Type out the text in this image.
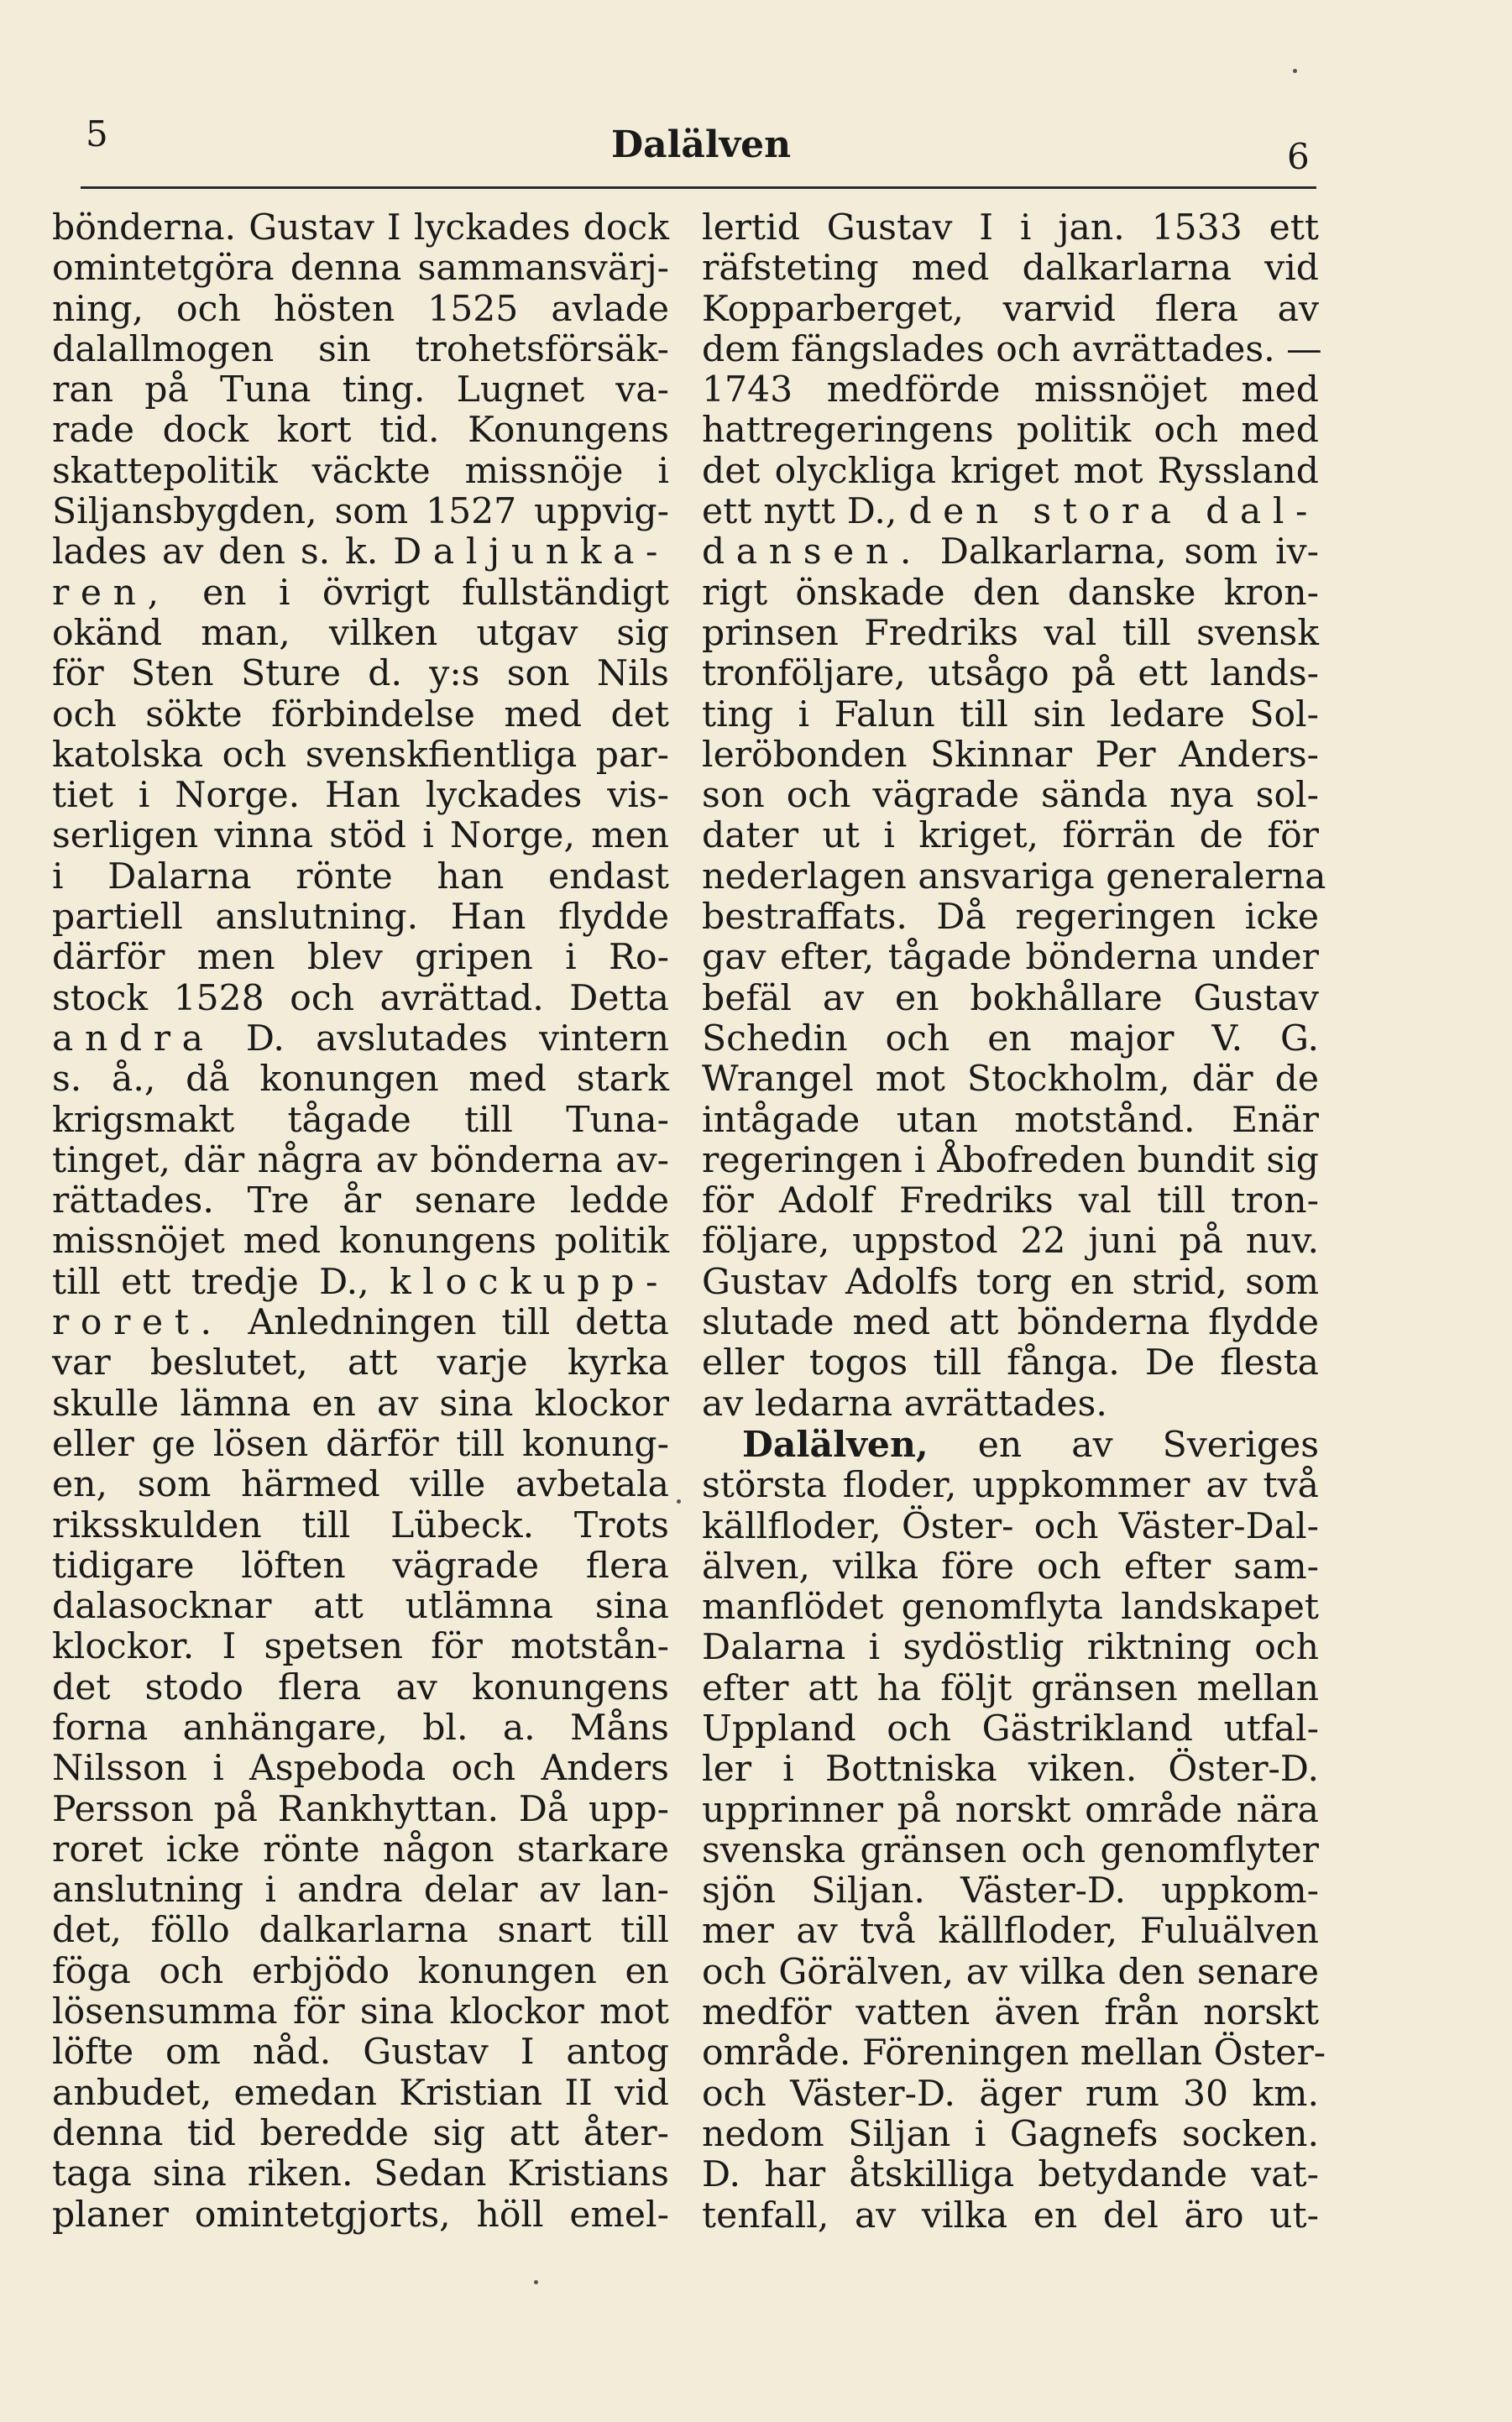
5	Dalälven	6

bönderna. Gustav I lyckades dock

omintetgöra denna sammansvärj-

ning, och hösten 1525 avlade

dalallmogen sin trohetsförsäk-

ran på Tuna ting. Lugnet va-

rade dock kort tid. Konungens

skattepolitik väckte missnöje i

Siljansbygden, som 1527 uppvig-

lades av den s. k. Daljunka-

ren, en i övrigt fullständigt

okänd man, vilken utgav sig

för Sten Sture d. y:s son Nils

och sökte förbindelse med det

katolska och svenskfientliga par-

tiet i Norge. Han lyckades vis-

serligen vinna stöd i Norge, men

i Dalarna rönte han endast

partiell anslutning. Han flydde

därför men blev gripen i Ro-

stock 1528 och avrättad. Detta

andra D. avslutades vintern

s. å., då konungen med stark

krigsmakt tågade till Tuna-

tinget, där några av bönderna av-

rättades. Tre år senare ledde

missnöjet med konungens politik

till ett tredje D., klockupp-

roret. Anledningen till detta

var beslutet, att varje kyrka

skulle lämna en av sina klockor

eller ge lösen därför till konung-

en, som härmed ville avbetala

riksskulden till Lübeck. Trots

tidigare löften vägrade flera

dalasocknar att utlämna sina

klockor. I spetsen för motstån-

det stodo flera av konungens

forna anhängare, bl. a. Måns

Nilsson i Aspeboda och Anders

Persson på Rankhyttan. Då upp-

roret icke rönte någon starkare

anslutning i andra delar av lan-

det, föllo dalkarlarna snart till

föga och erbjödo konungen en

lösensumma för sina klockor mot

löfte om nåd. Gustav I antog

anbudet, emedan Kristian II vid

denna tid beredde sig att åter-

taga sina riken. Sedan Kristians

planer omintetgjorts, höll emel-

lertid Gustav I i jan. 1533 ett

räfsteting med dalkarlarna vid

Kopparberget, varvid flera av

dem fängslades och avrättades. —

1743 medförde missnöjet med

hattregeringens politik och med

det olyckliga kriget mot Ryssland

ett nytt D., den stora dal-

dansen. Dalkarlarna, som iv-

rigt önskade den danske kron-

prinsen Fredriks val till svensk

tronföljare, utsågo på ett lands-

ting i Falun till sin ledare Sol-

leröbonden Skinnar Per Anders-

son och vägrade sända nya sol-

dater ut i kriget, förrän de för

nederlagen ansvariga generalerna

bestraffats. Då regeringen icke

gav efter, tågade bönderna under

befäl av en bokhållare Gustav

Schedin och en major V. G.

Wrangel mot Stockholm, där de

intågade utan motstånd. Enär

regeringen i Åbofreden bundit sig

för Adolf Fredriks val till tron-

följare, uppstod 22 juni på nuv.

Gustav Adolfs torg en strid, som

slutade med att bönderna flydde

eller togos till fånga. De flesta

av ledarna avrättades.

Dalälven, en av Sveriges

största floder, uppkommer av två

källfloder, Öster- och Väster-Dal-

älven, vilka före och efter sam-

manflödet genomflyta landskapet

Dalarna i sydöstlig riktning och

efter att ha följt gränsen mellan

Uppland och Gästrikland utfal-

ler i Bottniska viken. Öster-D.

upprinner på norskt område nära

svenska gränsen och genomflyter

sjön Siljan. Väster-D. uppkom-

mer av två källfloder, Fuluälven

och Görälven, av vilka den senare

medför vatten även från norskt

område. Föreningen mellan Öster-

och Väster-D. äger rum 30 km.

nedom Siljan i Gagnefs socken.

D. har åtskilliga betydande vat-

tenfall, av vilka en del äro ut-
